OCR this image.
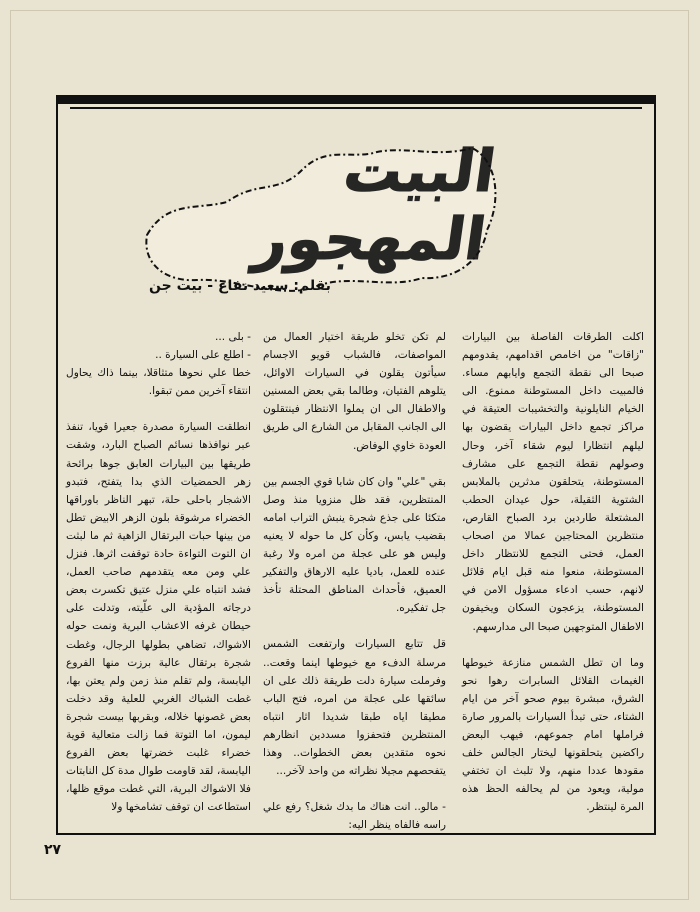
البيت المهجور
بقلم: سعيد نفاع - بيت جن

اكلت الطرقات الفاصلة بين البيارات "زاقات" من اخامص اقدامهم، يقدومهم صبحا الى نقطة التجمع وايابهم مساء. فالمبيت داخل المستوطنة ممنوع. الى الخيام النايلونية والتخشيبات العتيقة في مراكز تجمع داخل البيارات يقضون بها ليلهم انتظارا ليوم شقاء آخر، وحال وصولهم نقطة التجمع على مشارف المستوطنة، يتحلقون مدثرين بالملابس الشتوية الثقيلة، حول عيدان الحطب المشتعلة طاردين برد الصباح القارص، منتظرين المحتاجين عمالا من اصحاب العمل، فحتى التجمع للانتظار داخل المستوطنة، منعوا منه قبل ايام قلائل لانهم، حسب ادعاء مسؤول الامن في المستوطنة، يزعجون السكان ويخيفون الاطفال المتوجهين صبحا الى مدارسهم.

وما ان تطل الشمس منازعة خيوطها الغيمات القلائل السابرات رهوا نحو الشرق، مبشرة بيوم صحو آخر من ايام الشتاء، حتى تبدأ السيارات بالمرور صارة فراملها امام جموعهم، فيهب البعض راكضين يتحلقونها ليختار الجالس خلف مقودها عددا منهم، ولا تلبث ان تختفي مولية، ويعود من لم يحالفه الحظ هذه المرة لينتظر.

لم تكن تخلو طريقة اختيار العمال من المواصفات، فالشباب قويو الاجسام سيأتون يقلون في السيارات الاوائل، يتلوهم الفتيان، وطالما بقي بعض المسنين والاطفال الى ان يملوا الانتظار فينتقلون الى الجانب المقابل من الشارع الى طريق العودة خاوي الوفاض.

بقي "علي" وان كان شابا قوي الجسم بين المنتظرين، فقد ظل منزويا منذ وصل متكئا على جذع شجرة ينبش التراب امامه بقضيب يابس، وكأن كل ما حوله لا يعنيه وليس هو على عجلة من امره ولا رغبة عنده للعمل، باديا عليه الارهاق والتفكير العميق، فأحداث المناطق المحتلة تأخذ جل تفكيره.

قل تتابع السيارات وارتفعت الشمس مرسلة الدفء مع خيوطها اينما وقعت.. وفرملت سيارة دلت طريقة ذلك على ان سائقها على عجلة من امره، فتح الباب مطيقا اياه طبقا شديدا اثار انتباه المنتظرين فتحفزوا مسددين انظارهم نحوه متقدين بعض الخطوات.. وهذا يتفحصهم مجيلا نظراته من واحد لآخر...

- مالو.. انت هناك ما بدك شغل؟ رفع علي راسه فالفاه ينظر اليه:

- بلى ...

- اطلع على السيارة ..

خطا علي نحوها متثاقلا، بينما ذاك يحاول انتقاء آخرين ممن تبقوا.

انطلقت السيارة مصدرة جعيرا قويا، تنفذ عبر نوافذها نسائم الصباح البارد، وشقت طريقها بين البيارات العابق جوها برائحة زهر الحمضيات الذي بدا يتفتح، فتبدو الاشجار باحلى حلة، تبهر الناظر باوراقها الخضراء مرشوقة بلون الزهر الابيض تطل من بينها حبات البرتقال الزاهية ثم ما لبثت ان التوت التواءة حادة توقفت اثرها. فنزل علي ومن معه يتقدمهم صاحب العمل، فشد انتباه علي منزل عتيق تكسرت بعض درجاته المؤدية الى علّيته، وتدلت على حيطان غرفه الاعشاب البرية ونمت حوله الاشواك، تضاهي بطولها الرجال، وغطت شجرة برتقال عالية برزت منها الفروع اليابسة، ولم تقلم منذ زمن ولم يعتن بها، غطت الشباك الغربي للعلية وقد دخلت بعض غصونها خلاله، وبقربها بيست شجرة ليمون، اما التوتة فما زالت متعالية قوية خضراء غلبت خضرتها بعض الفروع اليابسة، لقد قاومت طوال مدة كل النابتات فلا الاشواك البرية، التي غطت موقع ظلها، استطاعت ان توقف تشامخها ولا

٢٧
